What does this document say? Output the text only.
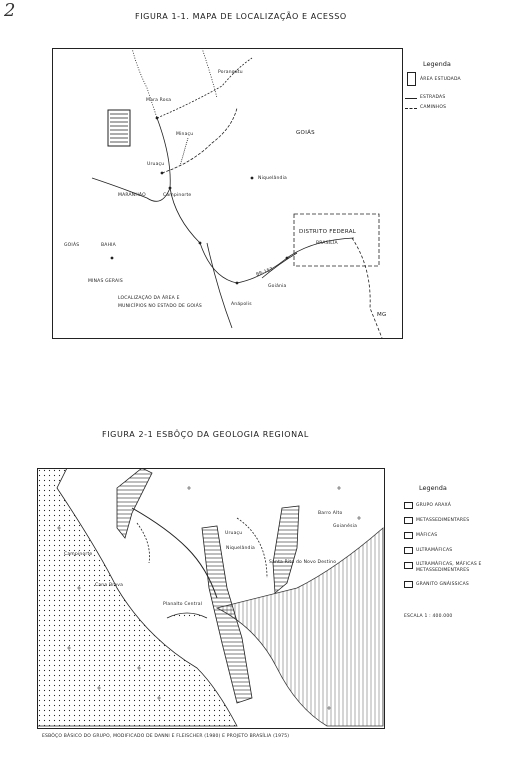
2	FIGURA 1-1. MAPA DE LOCALIZAÇÃO E ACESSO
Legenda
ÁREA ESTUDADA
ESTRADAS
CAMINHOS
GOIÁS
DISTRITO FEDERAL
BRASÍLIA
MG
GOIÁS	BAHIA
Uruaçu
Mara Rosa
Niquelândia
Porangatu
Anápolis
Goiânia
Campinorte
Minaçu
MARANHÃO
BR-153
MINAS GERAIS
LOCALIZAÇÃO DA ÁREA E MUNICÍPIOS NO ESTADO DE GOIÁS
FIGURA 2-1 ESBÔÇO DA GEOLOGIA REGIONAL
Campinorte
Uruaçu
Niquelândia
Barro Alto
Goianésia
Santa Rita do Novo Destino
Planalto Central
Cana Brava
Legenda
GRUPO ARAXÁ
METASSEDIMENTARES
MÁFICAS
ULTRAMÁFICAS
ULTRAMÁFICAS, MÁFICAS E METASSEDIMENTARES
GRANITO GNÁISSICAS
ESCALA 1 : 400.000
ESBÔÇO BÁSICO DO GRUPO, MODIFICADO DE DANNI E FLEISCHER (1980) E PROJETO BRASÍLIA (1975)
